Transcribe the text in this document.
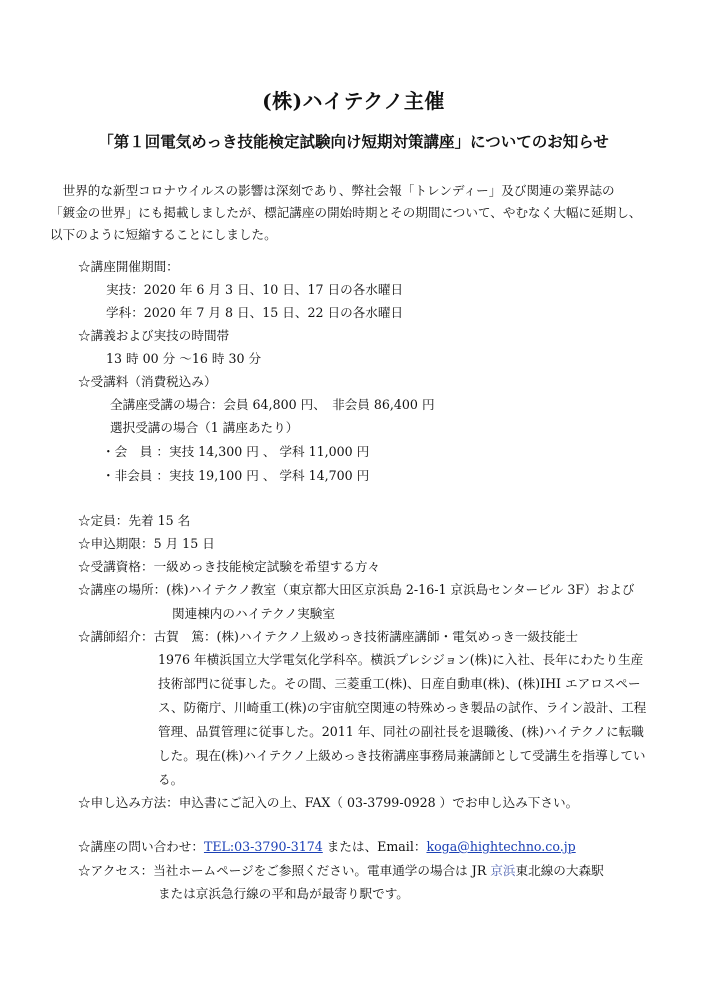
(株)ハイテクノ主催
「第１回電気めっき技能検定試験向け短期対策講座」についてのお知らせ

世界的な新型コロナウイルスの影響は深刻であり、弊社会報「トレンディー」及び関連の業界誌の

「鍍金の世界」にも掲載しましたが、標記講座の開始時期とその期間について、やむなく大幅に延期し、

以下のように短縮することにしました。

☆講座開催期間：
実技：2020 年 6 月 3 日、10 日、17 日の各水曜日
学科：2020 年 7 月 8 日、15 日、22 日の各水曜日
☆講義および実技の時間帯
13 時 00 分 〜16 時 30 分
☆受講料（消費税込み）
全講座受講の場合：会員 64,800 円、　非会員 86,400 円
選択受講の場合（1 講座あたり）
・会　員 ：実技 14,300 円 、 学科 11,000 円
・非会員 ：実技 19,100 円 、 学科 14,700 円
☆定員：先着 15 名
☆申込期限：5 月 15 日
☆受講資格：一級めっき技能検定試験を希望する方々
☆講座の場所：(株)ハイテクノ教室（東京都大田区京浜島 2-16-1 京浜島センタービル 3F）および
関連棟内のハイテクノ実験室
☆講師紹介：古賀　篤：(株)ハイテクノ上級めっき技術講座講師・電気めっき一級技能士
1976 年横浜国立大学電気化学科卒。横浜プレシジョン(株)に入社、長年にわたり生産
技術部門に従事した。その間、三菱重工(株)、日産自動車(株)、(株)IHI エアロスペー
ス、防衛庁、川崎重工(株)の宇宙航空関連の特殊めっき製品の試作、ライン設計、工程
管理、品質管理に従事した。2011 年、同社の副社長を退職後、(株)ハイテクノに転職
した。現在(株)ハイテクノ上級めっき技術講座事務局兼講師として受講生を指導してい
る。
☆申し込み方法：申込書にご記入の上、FAX（ 03-3799-0928 ）でお申し込み下さい。
☆講座の問い合わせ：TEL:03-3790-3174 または、Email：koga@hightechno.co.jp
☆アクセス：当社ホームページをご参照ください。電車通学の場合は JR 京浜東北線の大森駅
または京浜急行線の平和島が最寄り駅です。
